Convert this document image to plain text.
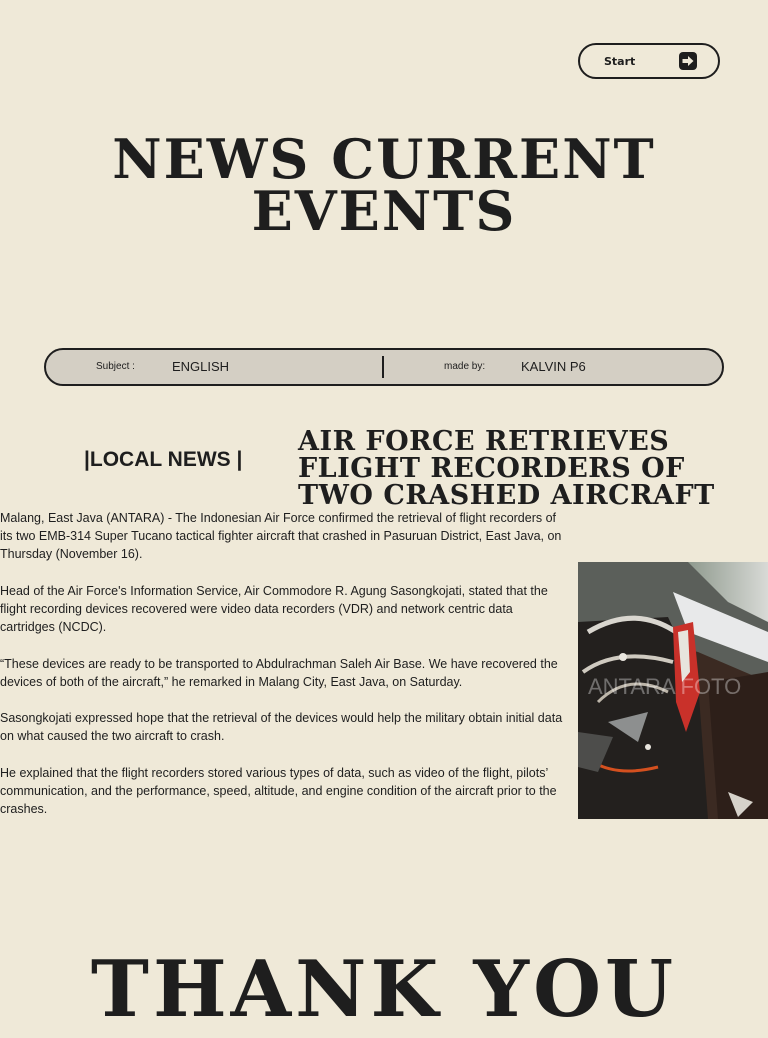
Start
NEWS CURRENT
EVENTS
Subject :	ENGLISH	made by:	KALVIN P6
|LOCAL NEWS |
AIR FORCE RETRIEVES
FLIGHT RECORDERS OF
TWO CRASHED AIRCRAFT

Malang, East Java (ANTARA) - The Indonesian Air Force confirmed the retrieval of flight recorders of its two EMB-314 Super Tucano tactical fighter aircraft that crashed in Pasuruan District, East Java, on Thursday (November 16).

Head of the Air Force's Information Service, Air Commodore R. Agung Sasongkojati, stated that the flight recording devices recovered were video data recorders (VDR) and network centric data cartridges (NCDC).

“These devices are ready to be transported to Abdulrachman Saleh Air Base. We have recovered the devices of both of the aircraft,” he remarked in Malang City, East Java, on Saturday.

Sasongkojati expressed hope that the retrieval of the devices would help the military obtain initial data on what caused the two aircraft to crash.

He explained that the flight recorders stored various types of data, such as video of the flight, pilots’ communication, and the performance, speed, altitude, and engine condition of the aircraft prior to the crashes.

ANTARA FOTO
THANK YOU
